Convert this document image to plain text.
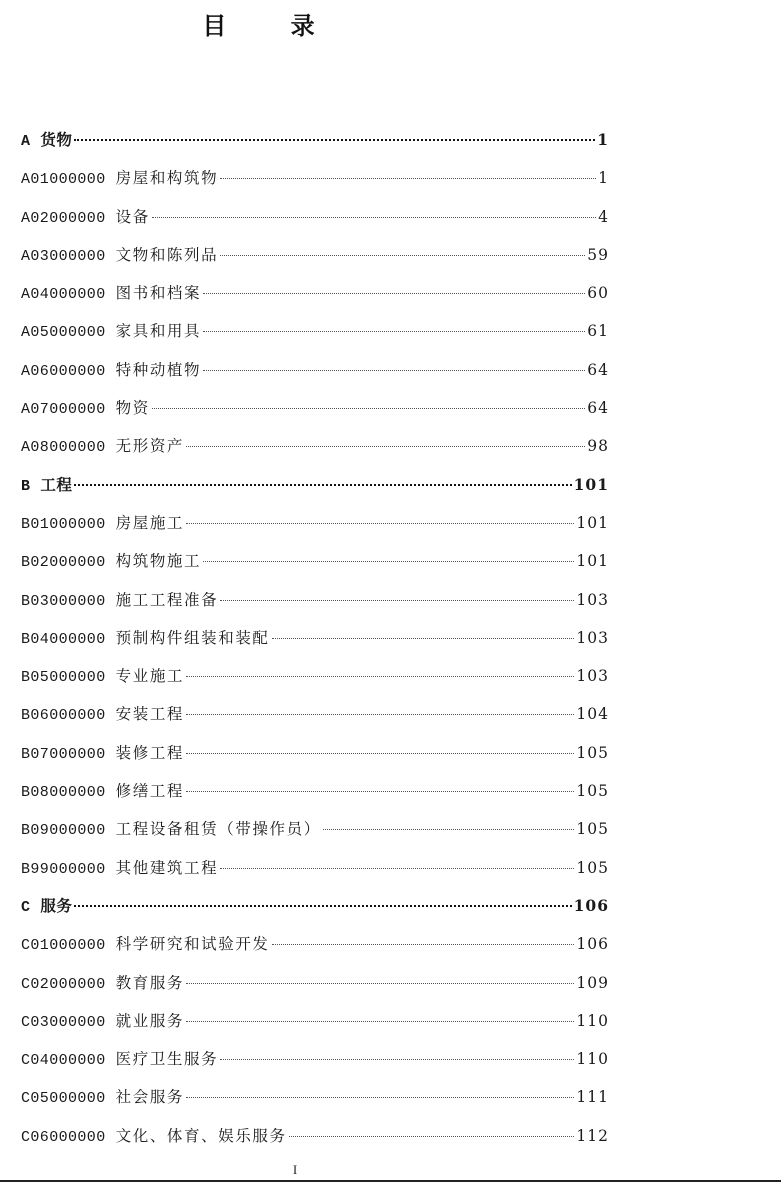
目 录
A 货物	1
A01000000 房屋和构筑物	1
A02000000 设备	4
A03000000 文物和陈列品	59
A04000000 图书和档案	60
A05000000 家具和用具	61
A06000000 特种动植物	64
A07000000 物资	64
A08000000 无形资产	98
B 工程	101
B01000000 房屋施工	101
B02000000 构筑物施工	101
B03000000 施工工程准备	103
B04000000 预制构件组装和装配	103
B05000000 专业施工	103
B06000000 安装工程	104
B07000000 装修工程	105
B08000000 修缮工程	105
B09000000 工程设备租赁（带操作员）	105
B99000000 其他建筑工程	105
C 服务	106
C01000000 科学研究和试验开发	106
C02000000 教育服务	109
C03000000 就业服务	110
C04000000 医疗卫生服务	110
C05000000 社会服务	111
C06000000 文化、体育、娱乐服务	112
I
